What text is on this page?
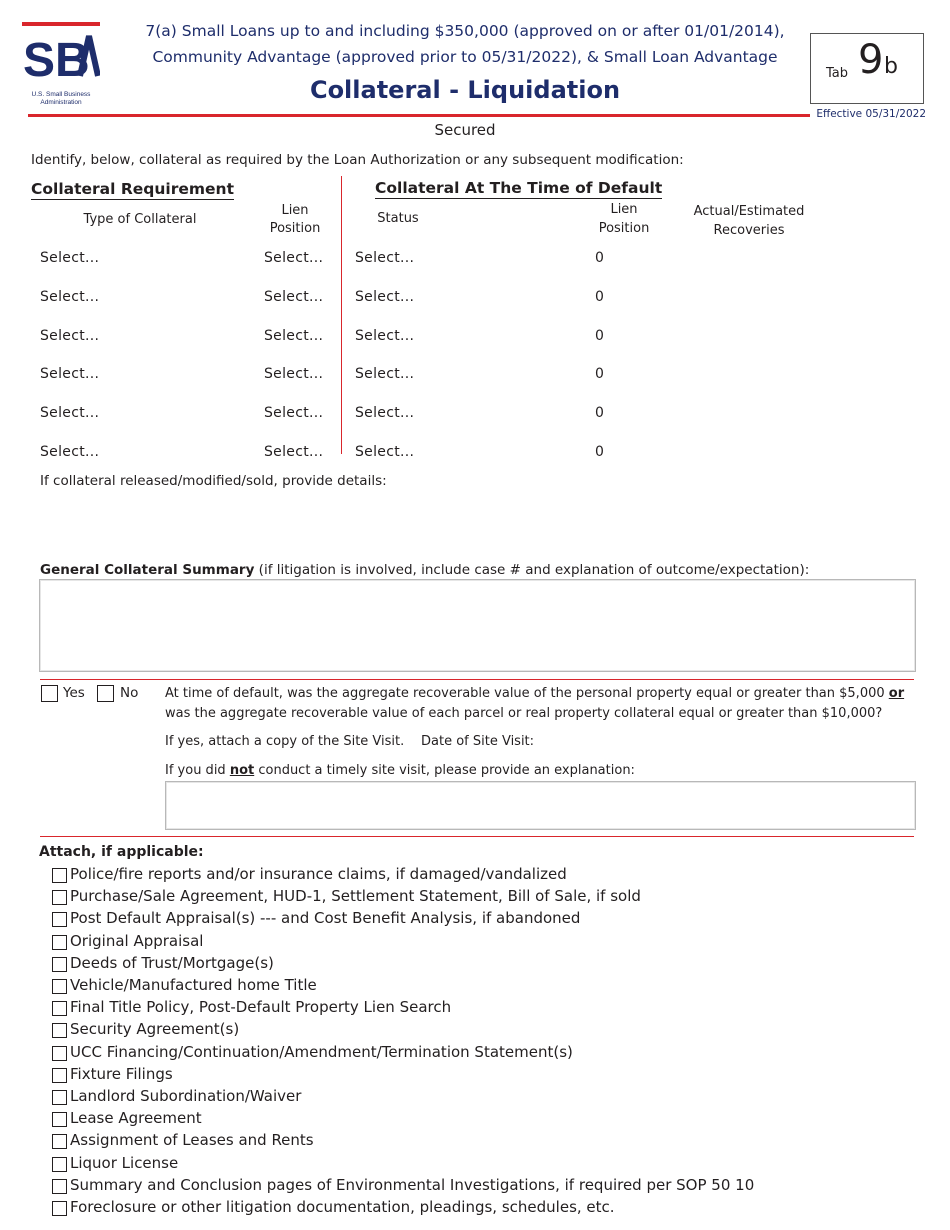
SB
U.S. Small Business
Administration
7(a) Small Loans up to and including $350,000 (approved on or after 01/01/2014),
Community Advantage (approved prior to 05/31/2022), & Small Loan Advantage
Collateral - Liquidation
Tab 9 b
Effective 05/31/2022
Secured
Identify, below, collateral as required by the Loan Authorization or any subsequent modification:
Collateral Requirement
Type of Collateral
Lien
Position
Collateral At The Time of Default
Status
Lien
Position
Actual/Estimated
Recoveries
Select...	Select... Select...	0
Select...	Select... Select...	0
Select...	Select... Select...	0
Select...	Select... Select...	0
Select...	Select... Select...	0
Select...	Select... Select...	0
If collateral released/modified/sold, provide details:
General Collateral Summary (if litigation is involved, include case # and explanation of outcome/expectation):
Yes	No At time of default, was the aggregate recoverable value of the personal property equal or greater than $5,000 or
was the aggregate recoverable value of each parcel or real property collateral equal or greater than $10,000?
If yes, attach a copy of the Site Visit. Date of Site Visit:
If you did not conduct a timely site visit, please provide an explanation:
Attach, if applicable:
Police/fire reports and/or insurance claims, if damaged/vandalized
Purchase/Sale Agreement, HUD-1, Settlement Statement, Bill of Sale, if sold
Post Default Appraisal(s) --- and Cost Benefit Analysis, if abandoned
Original Appraisal
Deeds of Trust/Mortgage(s)
Vehicle/Manufactured home Title
Final Title Policy, Post-Default Property Lien Search
Security Agreement(s)
UCC Financing/Continuation/Amendment/Termination Statement(s)
Fixture Filings
Landlord Subordination/Waiver
Lease Agreement
Assignment of Leases and Rents
Liquor License
Summary and Conclusion pages of Environmental Investigations, if required per SOP 50 10
Foreclosure or other litigation documentation, pleadings, schedules, etc.
